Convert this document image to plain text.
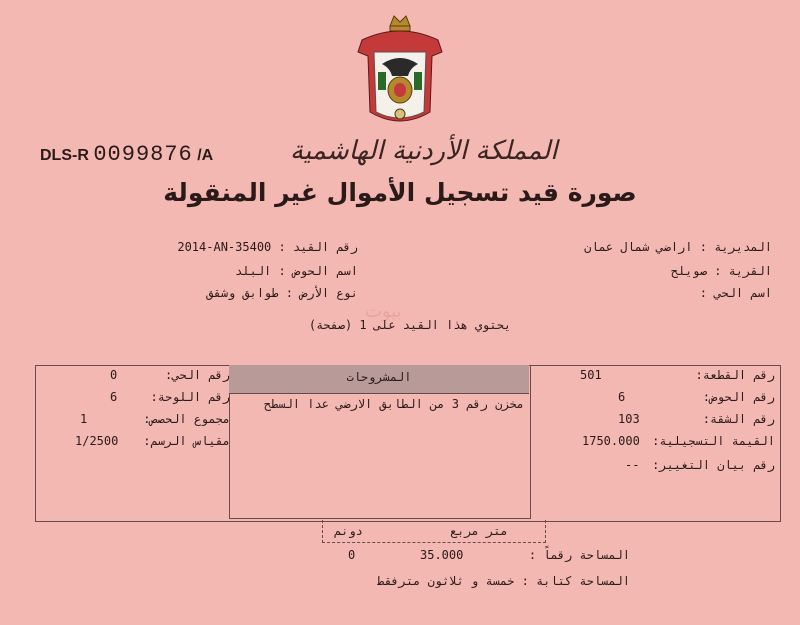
DLS-R 0099876 /A	المملكة الأردنية الهاشمية
صورة قيد تسجيل الأموال غير المنقولة
رقم القيد : 2014-AN-35400
اسم الحوض : البلد
نوع الأرض : طوابق وشقق
المديرية : اراضي شمال عمان
القرية : صويلح
اسم الحي :
بيوت
يحتوي هذا القيد على 1 (صفحة)
المشروحات
مخزن رقم 3 من الطابق الارضي عدا السطح
0	رقم الحي:
6	رقم اللوحة:
1	مجموع الحصص:
1/2500 مقياس الرسم:
501	رقم القطعة:
6	رقم الحوض:
103	رقم الشقة:
1750.000 القيمة التسجيلية:
-- رقم بيان التغيير:
دونم	متر مربع
0	35.000	المساحة رقماً :
المساحة كتابة : خمسة و ثلاثون مترفقط
